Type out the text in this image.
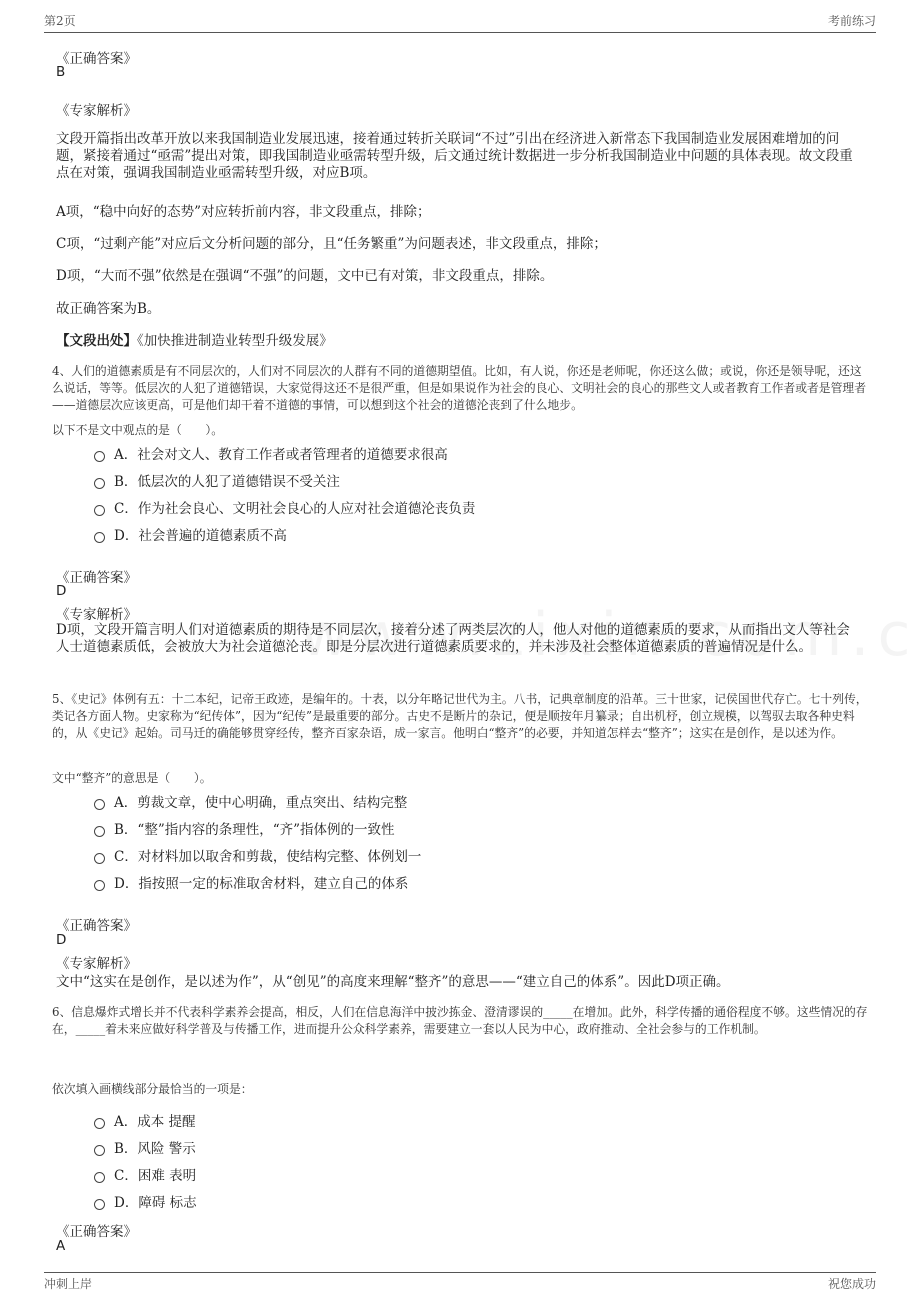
第2页	考前练习
《正确答案》
B
《专家解析》
文段开篇指出改革开放以来我国制造业发展迅速，接着通过转折关联词“不过”引出在经济进入新常态下我国制造业发展困难增加的问题，紧接着通过“亟需”提出对策，即我国制造业亟需转型升级，后文通过统计数据进一步分析我国制造业中问题的具体表现。故文段重点在对策，强调我国制造业亟需转型升级，对应B项。
A项，“稳中向好的态势”对应转折前内容，非文段重点，排除；
C项，“过剩产能”对应后文分析问题的部分，且“任务繁重”为问题表述，非文段重点，排除；
D项，“大而不强”依然是在强调“不强”的问题，文中已有对策，非文段重点，排除。
故正确答案为B。
【文段出处】《加快推进制造业转型升级发展》
4、人们的道德素质是有不同层次的，人们对不同层次的人群有不同的道德期望值。比如，有人说，你还是老师呢，你还这么做；或说，你还是领导呢，还这么说话，等等。低层次的人犯了道德错误，大家觉得这还不是很严重，但是如果说作为社会的良心、文明社会的良心的那些文人或者教育工作者或者是管理者——道德层次应该更高，可是他们却干着不道德的事情，可以想到这个社会的道德沦丧到了什么地步。
以下不是文中观点的是（　　）。
A．社会对文人、教育工作者或者管理者的道德要求很高
B．低层次的人犯了道德错误不受关注
C．作为社会良心、文明社会良心的人应对社会道德沦丧负责
D．社会普遍的道德素质不高
《正确答案》
D
《专家解析》
D项，文段开篇言明人们对道德素质的期待是不同层次，接着分述了两类层次的人，他人对他的道德素质的要求，从而指出文人等社会人士道德素质低，会被放大为社会道德沦丧。即是分层次进行道德素质要求的，并未涉及社会整体道德素质的普遍情况是什么。
5、《史记》体例有五：十二本纪，记帝王政迹，是编年的。十表，以分年略记世代为主。八书，记典章制度的沿革。三十世家，记侯国世代存亡。七十列传，类记各方面人物。史家称为“纪传体”，因为“纪传”是最重要的部分。古史不是断片的杂记，便是顺按年月纂录；自出机杼，创立规模，以驾驭去取各种史料的，从《史记》起始。司马迁的确能够贯穿经传，整齐百家杂语，成一家言。他明白“整齐”的必要，并知道怎样去“整齐”；这实在是创作，是以述为作。
文中“整齐”的意思是（　　）。
A．剪裁文章，使中心明确，重点突出、结构完整
B．“整”指内容的条理性，“齐”指体例的一致性
C．对材料加以取舍和剪裁，使结构完整、体例划一
D．指按照一定的标准取舍材料，建立自己的体系
《正确答案》
D
《专家解析》
文中“这实在是创作，是以述为作”，从“创见”的高度来理解“整齐”的意思——“建立自己的体系”。因此D项正确。
6、信息爆炸式增长并不代表科学素养会提高，相反，人们在信息海洋中披沙拣金、澄清谬误的_____在增加。此外，科学传播的通俗程度不够。这些情况的存在，_____着未来应做好科学普及与传播工作，进而提升公众科学素养，需要建立一套以人民为中心，政府推动、全社会参与的工作机制。
依次填入画横线部分最恰当的一项是：
A．成本 提醒
B．风险 警示
C．困难 表明
D．障碍 标志
《正确答案》
A
冲刺上岸	祝您成功
